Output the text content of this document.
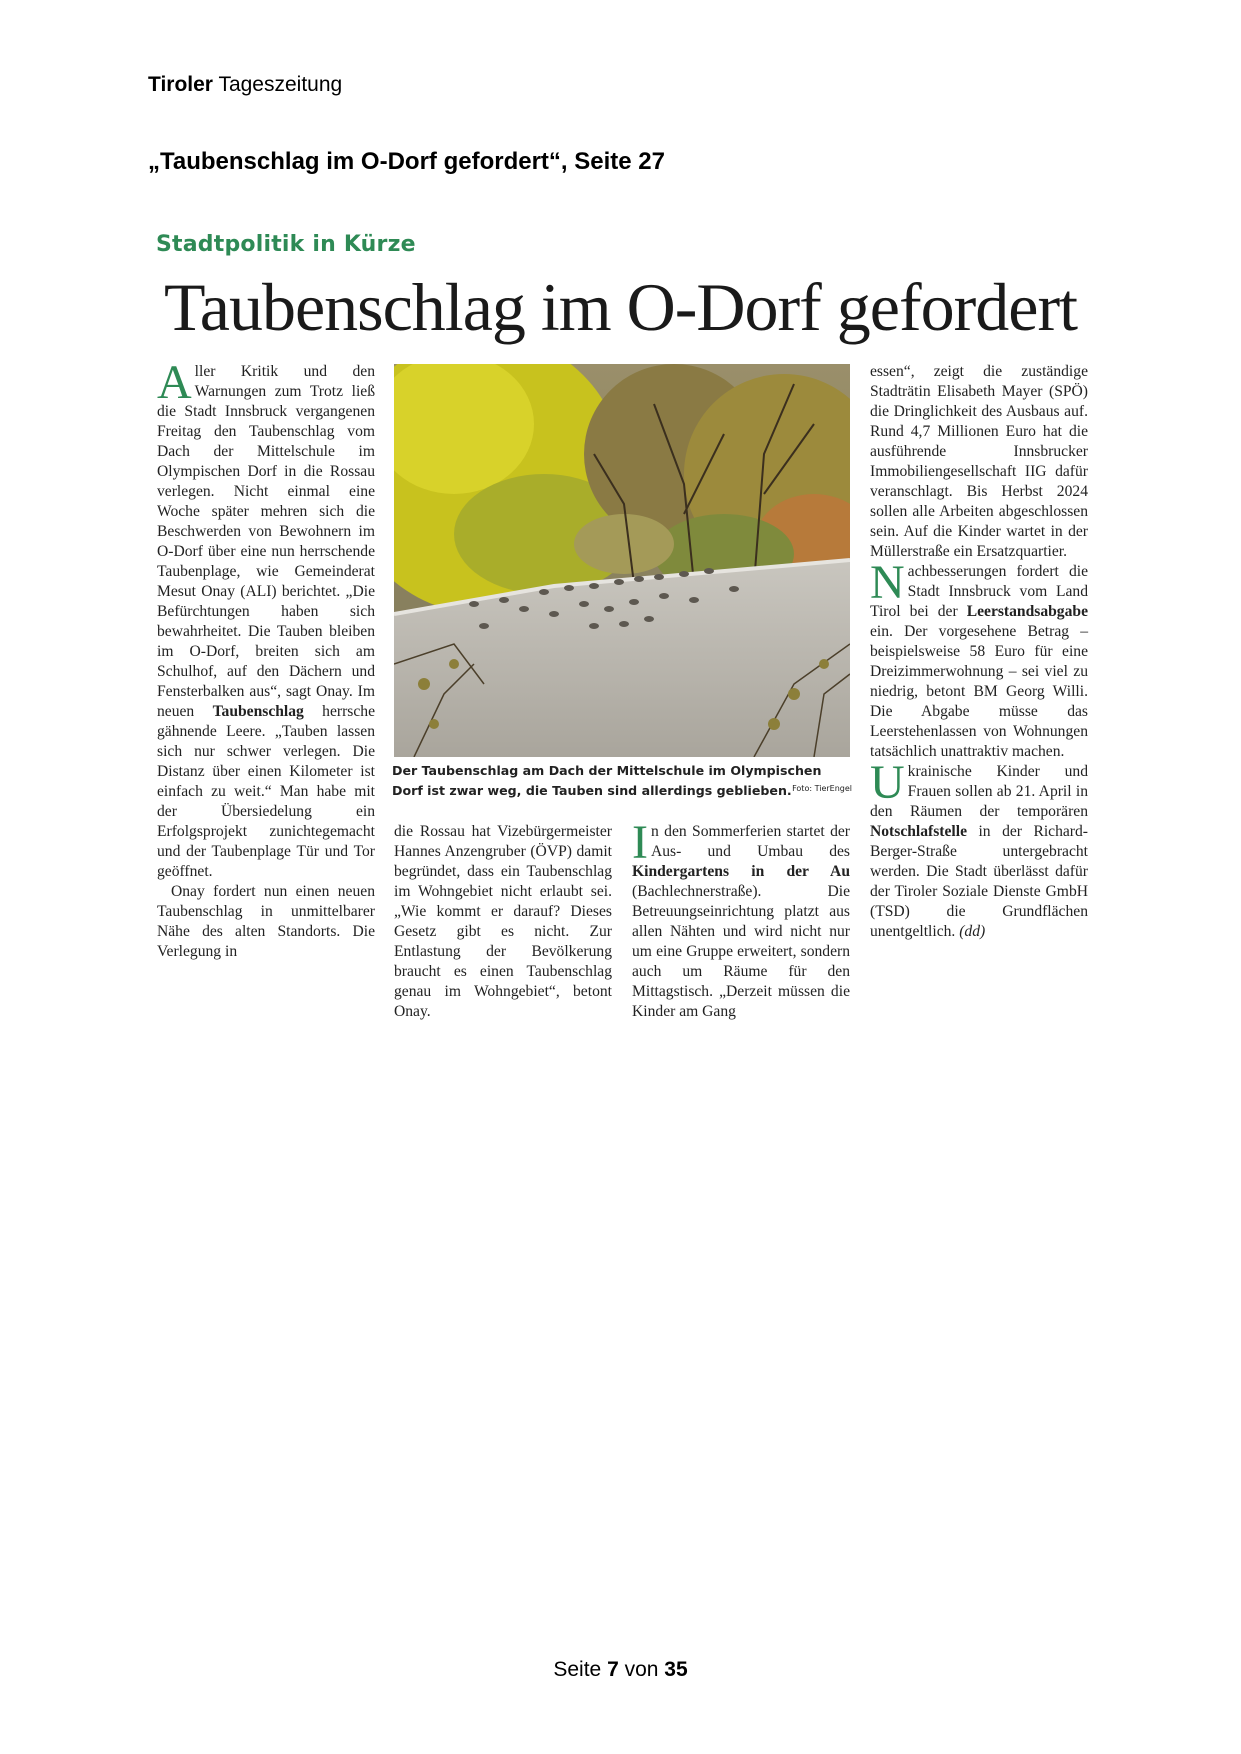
Tiroler Tageszeitung
„Taubenschlag im O-Dorf gefordert“, Seite 27
Stadtpolitik in Kürze
Taubenschlag im O-Dorf gefordert

Aller Kritik und den Warnungen zum Trotz ließ die Stadt Innsbruck vergangenen Freitag den Taubenschlag vom Dach der Mittelschule im Olympischen Dorf in die Rossau verlegen. Nicht einmal eine Woche später mehren sich die Beschwerden von Bewohnern im O-Dorf über eine nun herrschende Taubenplage, wie Gemeinderat Mesut Onay (ALI) berichtet. „Die Befürchtungen haben sich bewahrheitet. Die Tauben bleiben im O-Dorf, breiten sich am Schulhof, auf den Dächern und Fensterbalken aus“, sagt Onay. Im neuen Taubenschlag herrsche gähnende Leere. „Tauben lassen sich nur schwer verlegen. Die Distanz über einen Kilometer ist einfach zu weit.“ Man habe mit der Übersiedelung ein Erfolgsprojekt zunichtegemacht und der Taubenplage Tür und Tor geöffnet.

Onay fordert nun einen neuen Taubenschlag in unmittelbarer Nähe des alten Standorts. Die Verlegung in

Der Taubenschlag am Dach der Mittelschule im Olympischen Dorf ist zwar weg, die Tauben sind allerdings geblieben. Foto: TierEngel

die Rossau hat Vizebürgermeister Hannes Anzengruber (ÖVP) damit begründet, dass ein Taubenschlag im Wohngebiet nicht erlaubt sei. „Wie kommt er darauf? Dieses Gesetz gibt es nicht. Zur Entlastung der Bevölkerung braucht es einen Taubenschlag genau im Wohngebiet“, betont Onay.

In den Sommerferien startet der Aus- und Umbau des Kindergartens in der Au (Bachlechnerstraße). Die Betreuungseinrichtung platzt aus allen Nähten und wird nicht nur um eine Gruppe erweitert, sondern auch um Räume für den Mittagstisch. „Derzeit müssen die Kinder am Gang

essen“, zeigt die zuständige Stadträtin Elisabeth Mayer (SPÖ) die Dringlichkeit des Ausbaus auf. Rund 4,7 Millionen Euro hat die ausführende Innsbrucker Immobiliengesellschaft IIG dafür veranschlagt. Bis Herbst 2024 sollen alle Arbeiten abgeschlossen sein. Auf die Kinder wartet in der Müllerstraße ein Ersatzquartier.

Nachbesserungen fordert die Stadt Innsbruck vom Land Tirol bei der Leerstandsabgabe ein. Der vorgesehene Betrag – beispielsweise 58 Euro für eine Dreizimmerwohnung – sei viel zu niedrig, betont BM Georg Willi. Die Abgabe müsse das Leerstehenlassen von Wohnungen tatsächlich unattraktiv machen.

Ukrainische Kinder und Frauen sollen ab 21. April in den Räumen der temporären Notschlafstelle in der Richard-Berger-Straße untergebracht werden. Die Stadt überlässt dafür der Tiroler Soziale Dienste GmbH (TSD) die Grundflächen unentgeltlich. (dd)

Seite 7 von 35
